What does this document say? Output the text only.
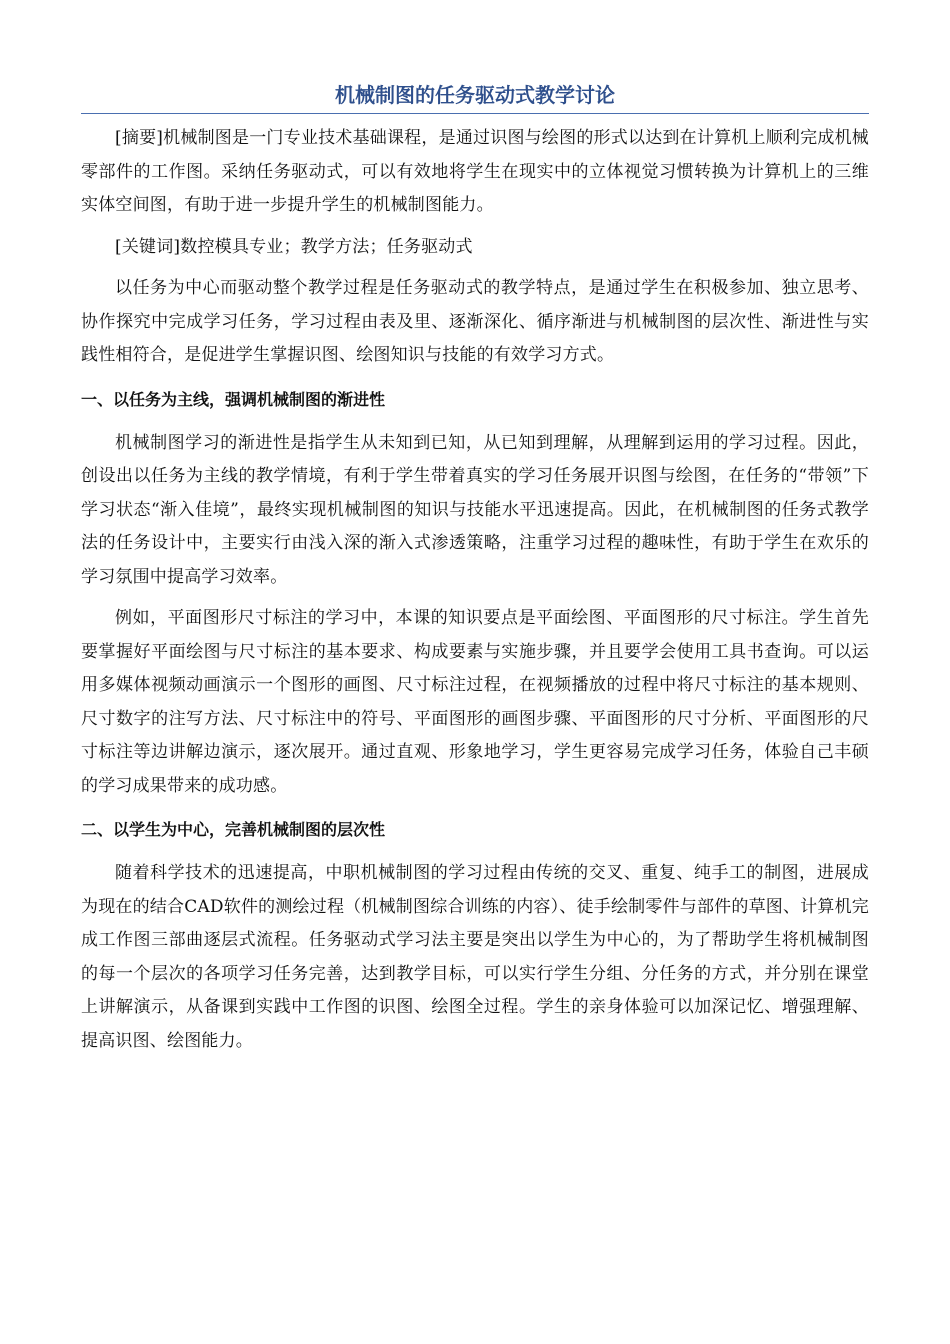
机械制图的任务驱动式教学讨论

[摘要]机械制图是一门专业技术基础课程，是通过识图与绘图的形式以达到在计算机上顺利完成机械零部件的工作图。采纳任务驱动式，可以有效地将学生在现实中的立体视觉习惯转换为计算机上的三维实体空间图，有助于进一步提升学生的机械制图能力。

[关键词]数控模具专业；教学方法；任务驱动式

以任务为中心而驱动整个教学过程是任务驱动式的教学特点，是通过学生在积极参加、独立思考、协作探究中完成学习任务，学习过程由表及里、逐渐深化、循序渐进与机械制图的层次性、渐进性与实践性相符合，是促进学生掌握识图、绘图知识与技能的有效学习方式。

一、以任务为主线，强调机械制图的渐进性

机械制图学习的渐进性是指学生从未知到已知，从已知到理解，从理解到运用的学习过程。因此，创设出以任务为主线的教学情境，有利于学生带着真实的学习任务展开识图与绘图，在任务的“带领”下学习状态“渐入佳境”，最终实现机械制图的知识与技能水平迅速提高。因此，在机械制图的任务式教学法的任务设计中，主要实行由浅入深的渐入式渗透策略，注重学习过程的趣味性，有助于学生在欢乐的学习氛围中提高学习效率。

例如，平面图形尺寸标注的学习中，本课的知识要点是平面绘图、平面图形的尺寸标注。学生首先要掌握好平面绘图与尺寸标注的基本要求、构成要素与实施步骤，并且要学会使用工具书查询。可以运用多媒体视频动画演示一个图形的画图、尺寸标注过程，在视频播放的过程中将尺寸标注的基本规则、尺寸数字的注写方法、尺寸标注中的符号、平面图形的画图步骤、平面图形的尺寸分析、平面图形的尺寸标注等边讲解边演示，逐次展开。通过直观、形象地学习，学生更容易完成学习任务，体验自己丰硕的学习成果带来的成功感。

二、以学生为中心，完善机械制图的层次性

随着科学技术的迅速提高，中职机械制图的学习过程由传统的交叉、重复、纯手工的制图，进展成为现在的结合CAD软件的测绘过程（机械制图综合训练的内容）、徒手绘制零件与部件的草图、计算机完成工作图三部曲逐层式流程。任务驱动式学习法主要是突出以学生为中心的，为了帮助学生将机械制图的每一个层次的各项学习任务完善，达到教学目标，可以实行学生分组、分任务的方式，并分别在课堂上讲解演示，从备课到实践中工作图的识图、绘图全过程。学生的亲身体验可以加深记忆、增强理解、提高识图、绘图能力。
